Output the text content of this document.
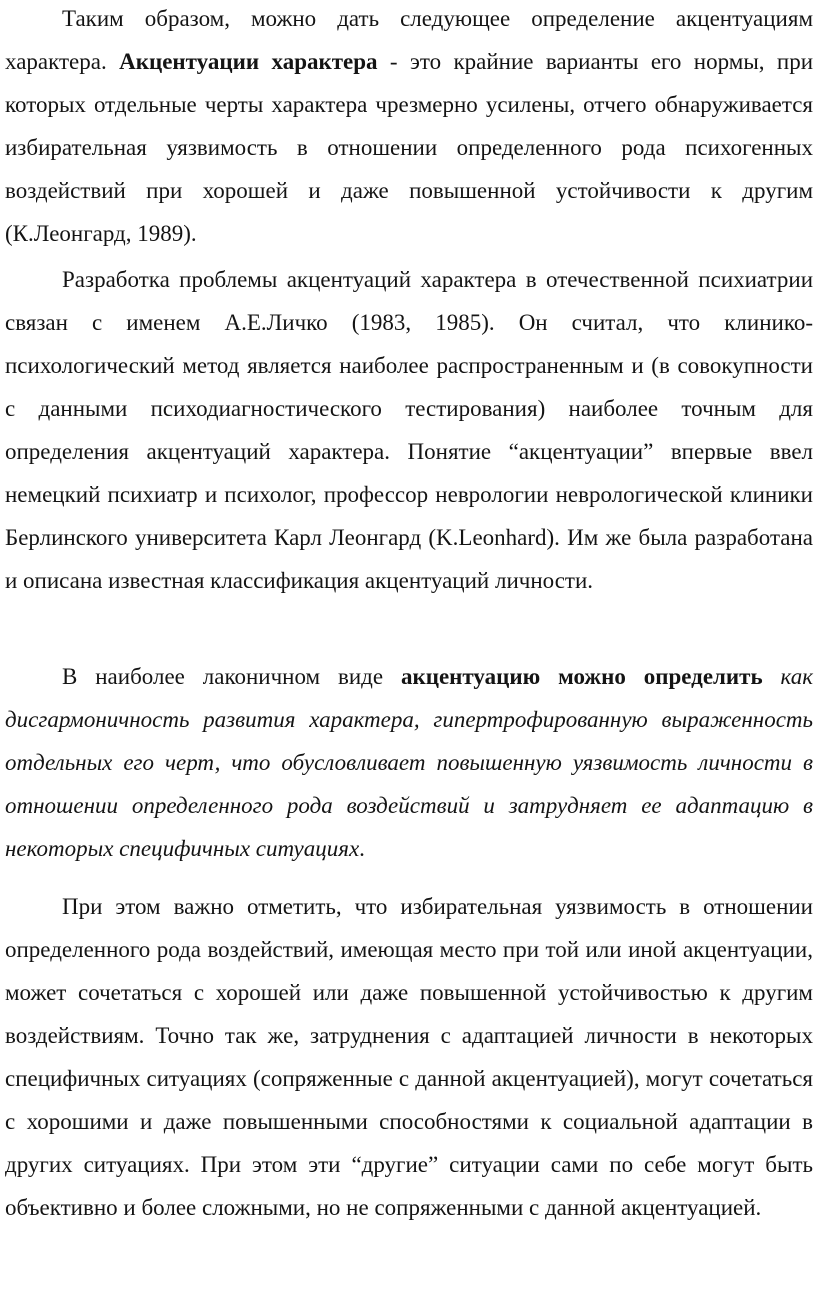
Таким образом, можно дать следующее определение акцентуациям характера. Акцентуации характера - это крайние варианты его нормы, при которых отдельные черты характера чрезмерно усилены, отчего обнаруживается избирательная уязвимость в отношении определенного рода психогенных воздействий при хорошей и даже повышенной устойчивости к другим (К.Леонгард, 1989).

Разработка проблемы акцентуаций характера в отечественной психиатрии связан с именем А.Е.Личко (1983, 1985). Он считал, что клинико-психологический метод является наиболее распространенным и (в совокупности с данными психодиагностического тестирования) наиболее точным для определения акцентуаций характера. Понятие “акцентуации” впервые ввел немецкий психиатр и психолог, профессор неврологии неврологической клиники Берлинского университета Карл Леонгард (K.Leonhard). Им же была разработана и описана известная классификация акцентуаций личности.

В наиболее лаконичном виде акцентуацию можно определить как дисгармоничность развития характера, гипертрофированную выраженность отдельных его черт, что обусловливает повышенную уязвимость личности в отношении определенного рода воздействий и затрудняет ее адаптацию в некоторых специфичных ситуациях.

При этом важно отметить, что избирательная уязвимость в отношении определенного рода воздействий, имеющая место при той или иной акцентуации, может сочетаться с хорошей или даже повышенной устойчивостью к другим воздействиям. Точно так же, затруднения с адаптацией личности в некоторых специфичных ситуациях (сопряженные с данной акцентуацией), могут сочетаться с хорошими и даже повышенными способностями к социальной адаптации в других ситуациях. При этом эти “другие” ситуации сами по себе могут быть объективно и более сложными, но не сопряженными с данной акцентуацией.
